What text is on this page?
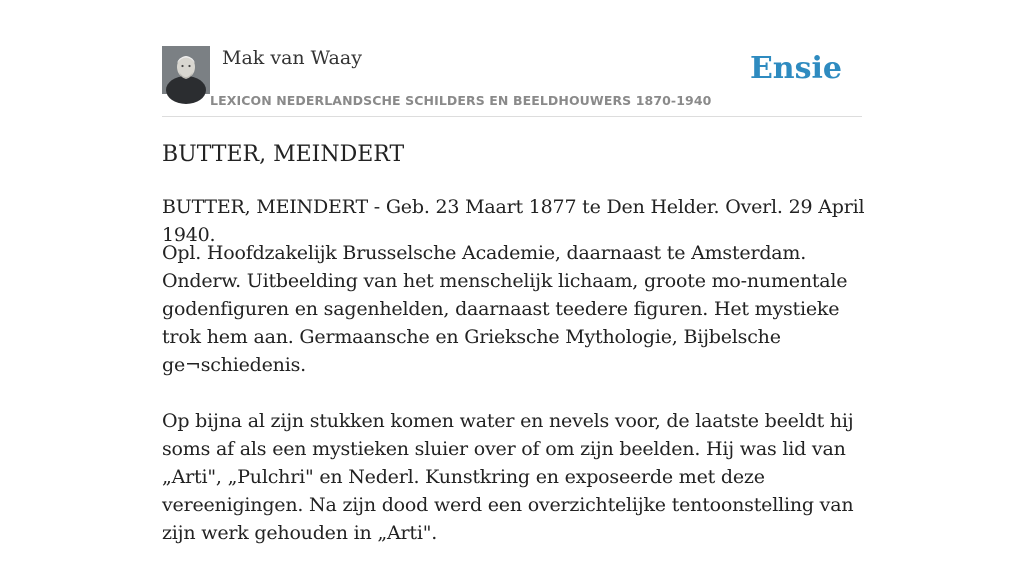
Mak van Waay
LEXICON NEDERLANDSCHE SCHILDERS EN BEELDHOUWERS 1870-1940
Ensie
BUTTER, MEINDERT

BUTTER, MEINDERT - Geb. 23 Maart 1877 te Den Helder. Overl. 29 April 1940.

Opl. Hoofdzakelijk Brusselsche Academie, daarnaast te Amsterdam. Onderw. Uitbeelding van het menschelijk lichaam, groote mo-numentale godenfiguren en sagenhelden, daarnaast teedere figuren. Het mystieke trok hem aan. Germaansche en Grieksche Mythologie, Bijbelsche ge¬schiedenis.

Op bijna al zijn stukken komen water en nevels voor, de laatste beeldt hij soms af als een mystieken sluier over of om zijn beelden. Hij was lid van „Arti", „Pulchri" en Nederl. Kunstkring en exposeerde met deze vereenigingen. Na zijn dood werd een overzichtelijke tentoonstelling van zijn werk gehouden in „Arti".
